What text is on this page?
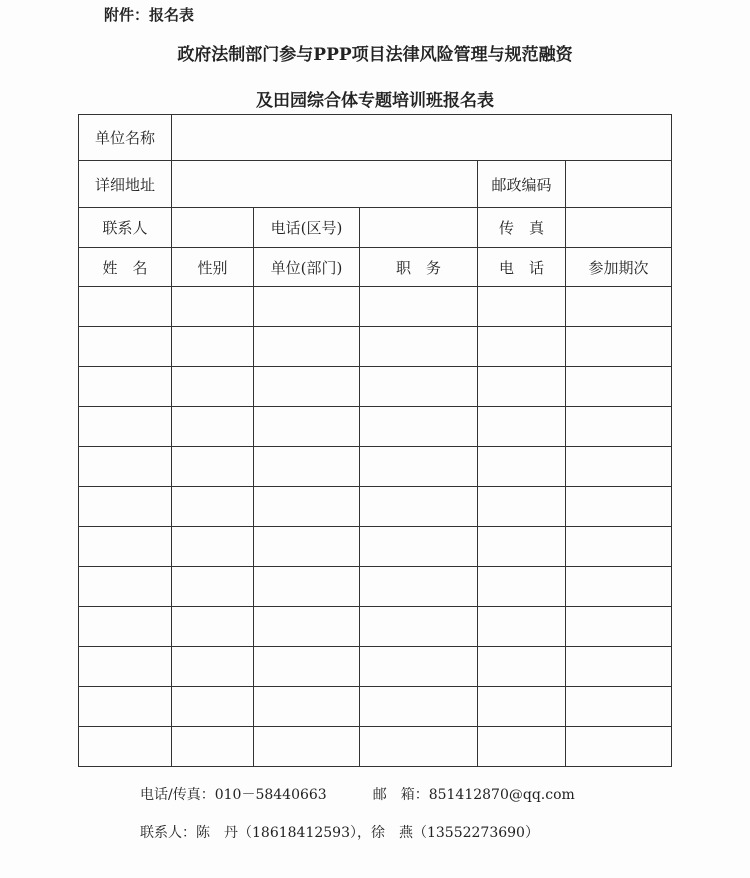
附件：报名表
政府法制部门参与PPP项目法律风险管理与规范融资
及田园综合体专题培训班报名表
单位名称					
详细地址				邮政编码	
联系人		电话(区号)		传　真	
姓　名	性别	单位(部门)	职　务	电　话	参加期次

电话/传真：010－58440663	邮　箱：851412870@qq.com
联系人：陈　丹（18618412593），徐　燕（13552273690）
